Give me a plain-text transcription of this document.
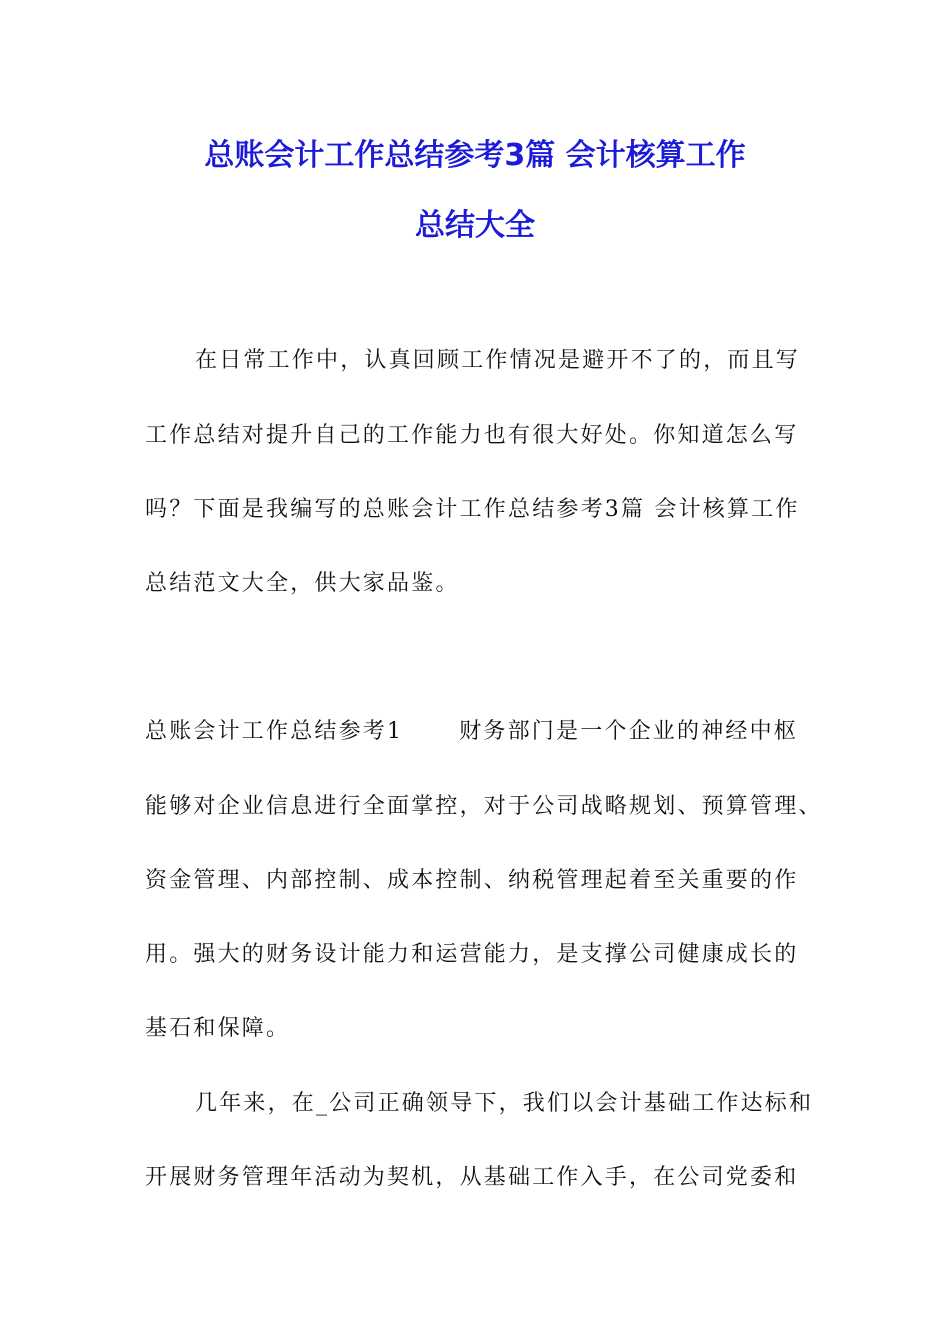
总账会计工作总结参考3篇 会计核算工作
总结大全
在日常工作中，认真回顾工作情况是避开不了的，而且写
工作总结对提升自己的工作能力也有很大好处。你知道怎么写
吗？下面是我编写的总账会计工作总结参考3篇 会计核算工作
总结范文大全，供大家品鉴。
总账会计工作总结参考1	财务部门是一个企业的神经中枢
能够对企业信息进行全面掌控，对于公司战略规划、预算管理、
资金管理、内部控制、成本控制、纳税管理起着至关重要的作
用。强大的财务设计能力和运营能力，是支撑公司健康成长的
基石和保障。
几年来，在_公司正确领导下，我们以会计基础工作达标和
开展财务管理年活动为契机，从基础工作入手，在公司党委和
